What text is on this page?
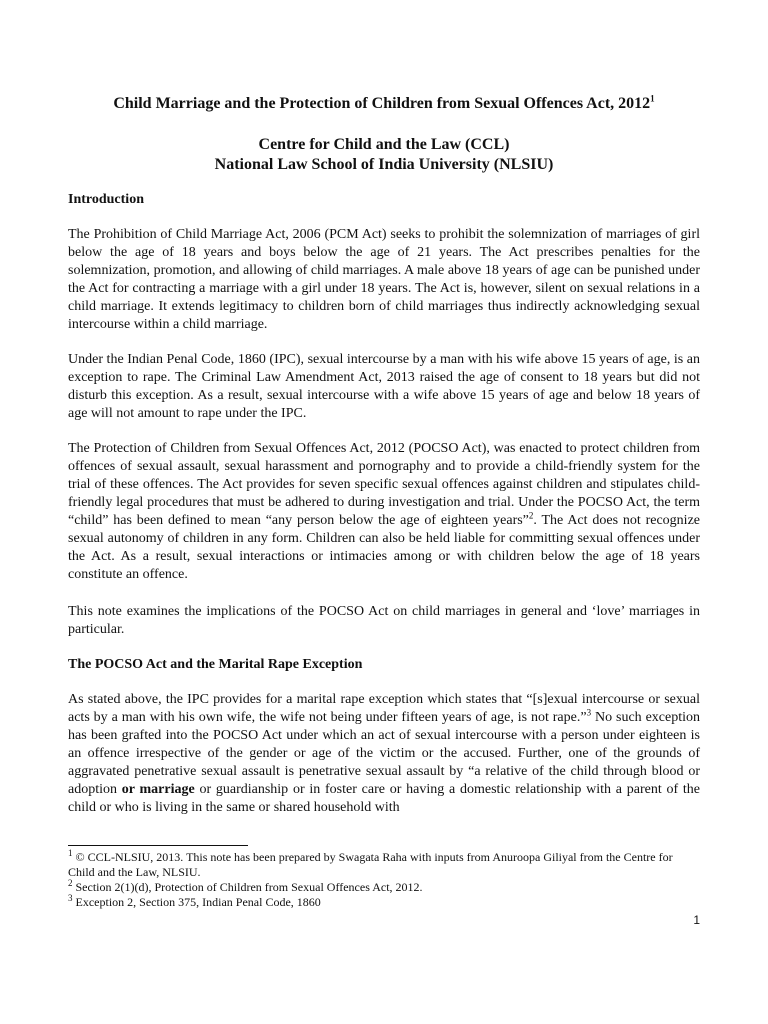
Child Marriage and the Protection of Children from Sexual Offences Act, 2012$^1$
Centre for Child and the Law (CCL)
National Law School of India University (NLSIU)
Introduction

The Prohibition of Child Marriage Act, 2006 (PCM Act) seeks to prohibit the solemnization of marriages of girl below the age of 18 years and boys below the age of 21 years. The Act prescribes penalties for the solemnization, promotion, and allowing of child marriages. A male above 18 years of age can be punished under the Act for contracting a marriage with a girl under 18 years. The Act is, however, silent on sexual relations in a child marriage. It extends legitimacy to children born of child marriages thus indirectly acknowledging sexual intercourse within a child marriage.

Under the Indian Penal Code, 1860 (IPC), sexual intercourse by a man with his wife above 15 years of age, is an exception to rape. The Criminal Law Amendment Act, 2013 raised the age of consent to 18 years but did not disturb this exception. As a result, sexual intercourse with a wife above 15 years of age and below 18 years of age will not amount to rape under the IPC.

The Protection of Children from Sexual Offences Act, 2012 (POCSO Act), was enacted to protect children from offences of sexual assault, sexual harassment and pornography and to provide a child-friendly system for the trial of these offences. The Act provides for seven specific sexual offences against children and stipulates child-friendly legal procedures that must be adhered to during investigation and trial. Under the POCSO Act, the term “child” has been defined to mean “any person below the age of eighteen years”$^2$. The Act does not recognize sexual autonomy of children in any form. Children can also be held liable for committing sexual offences under the Act. As a result, sexual interactions or intimacies among or with children below the age of 18 years constitute an offence.

This note examines the implications of the POCSO Act on child marriages in general and ‘love’ marriages in particular.

The POCSO Act and the Marital Rape Exception

As stated above, the IPC provides for a marital rape exception which states that “[s]exual intercourse or sexual acts by a man with his own wife, the wife not being under fifteen years of age, is not rape.”$^3$ No such exception has been grafted into the POCSO Act under which an act of sexual intercourse with a person under eighteen is an offence irrespective of the gender or age of the victim or the accused. Further, one of the grounds of aggravated penetrative sexual assault is penetrative sexual assault by “a relative of the child through blood or adoption or marriage or guardianship or in foster care or having a domestic relationship with a parent of the child or who is living in the same or shared household with

$^1$ © CCL-NLSIU, 2013. This note has been prepared by Swagata Raha with inputs from Anuroopa Giliyal from the Centre for Child and the Law, NLSIU.

$^2$ Section 2(1)(d), Protection of Children from Sexual Offences Act, 2012.

$^3$ Exception 2, Section 375, Indian Penal Code, 1860

1
